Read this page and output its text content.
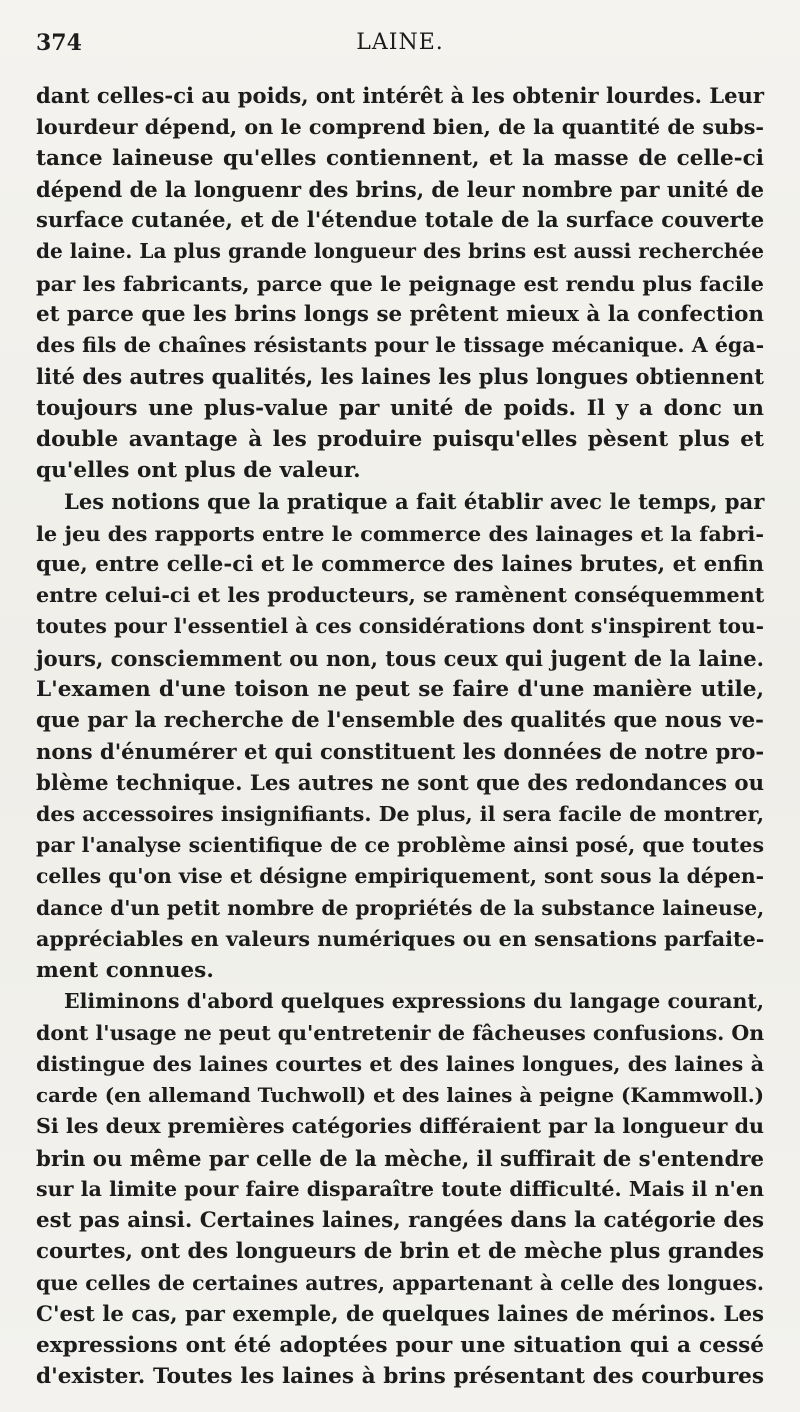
374	LAINE.
dant celles-ci au poids, ont intérêt à les obtenir lourdes. Leur
lourdeur dépend, on le comprend bien, de la quantité de subs-
tance laineuse qu'elles contiennent, et la masse de celle-ci
dépend de la longuenr des brins, de leur nombre par unité de
surface cutanée, et de l'étendue totale de la surface couverte
de laine. La plus grande longueur des brins est aussi recherchée
par les fabricants, parce que le peignage est rendu plus facile
et parce que les brins longs se prêtent mieux à la confection
des fils de chaînes résistants pour le tissage mécanique. A éga-
lité des autres qualités, les laines les plus longues obtiennent
toujours une plus-value par unité de poids. Il y a donc un
double avantage à les produire puisqu'elles pèsent plus et
qu'elles ont plus de valeur.
Les notions que la pratique a fait établir avec le temps, par
le jeu des rapports entre le commerce des lainages et la fabri-
que, entre celle-ci et le commerce des laines brutes, et enfin
entre celui-ci et les producteurs, se ramènent conséquemment
toutes pour l'essentiel à ces considérations dont s'inspirent tou-
jours, consciemment ou non, tous ceux qui jugent de la laine.
L'examen d'une toison ne peut se faire d'une manière utile,
que par la recherche de l'ensemble des qualités que nous ve-
nons d'énumérer et qui constituent les données de notre pro-
blème technique. Les autres ne sont que des redondances ou
des accessoires insignifiants. De plus, il sera facile de montrer,
par l'analyse scientifique de ce problème ainsi posé, que toutes
celles qu'on vise et désigne empiriquement, sont sous la dépen-
dance d'un petit nombre de propriétés de la substance laineuse,
appréciables en valeurs numériques ou en sensations parfaite-
ment connues.
Eliminons d'abord quelques expressions du langage courant,
dont l'usage ne peut qu'entretenir de fâcheuses confusions. On
distingue des laines courtes et des laines longues, des laines à
carde (en allemand Tuchwoll) et des laines à peigne (Kammwoll.)
Si les deux premières catégories différaient par la longueur du
brin ou même par celle de la mèche, il suffirait de s'entendre
sur la limite pour faire disparaître toute difficulté. Mais il n'en
est pas ainsi. Certaines laines, rangées dans la catégorie des
courtes, ont des longueurs de brin et de mèche plus grandes
que celles de certaines autres, appartenant à celle des longues.
C'est le cas, par exemple, de quelques laines de mérinos. Les
expressions ont été adoptées pour une situation qui a cessé
d'exister. Toutes les laines à brins présentant des courbures
